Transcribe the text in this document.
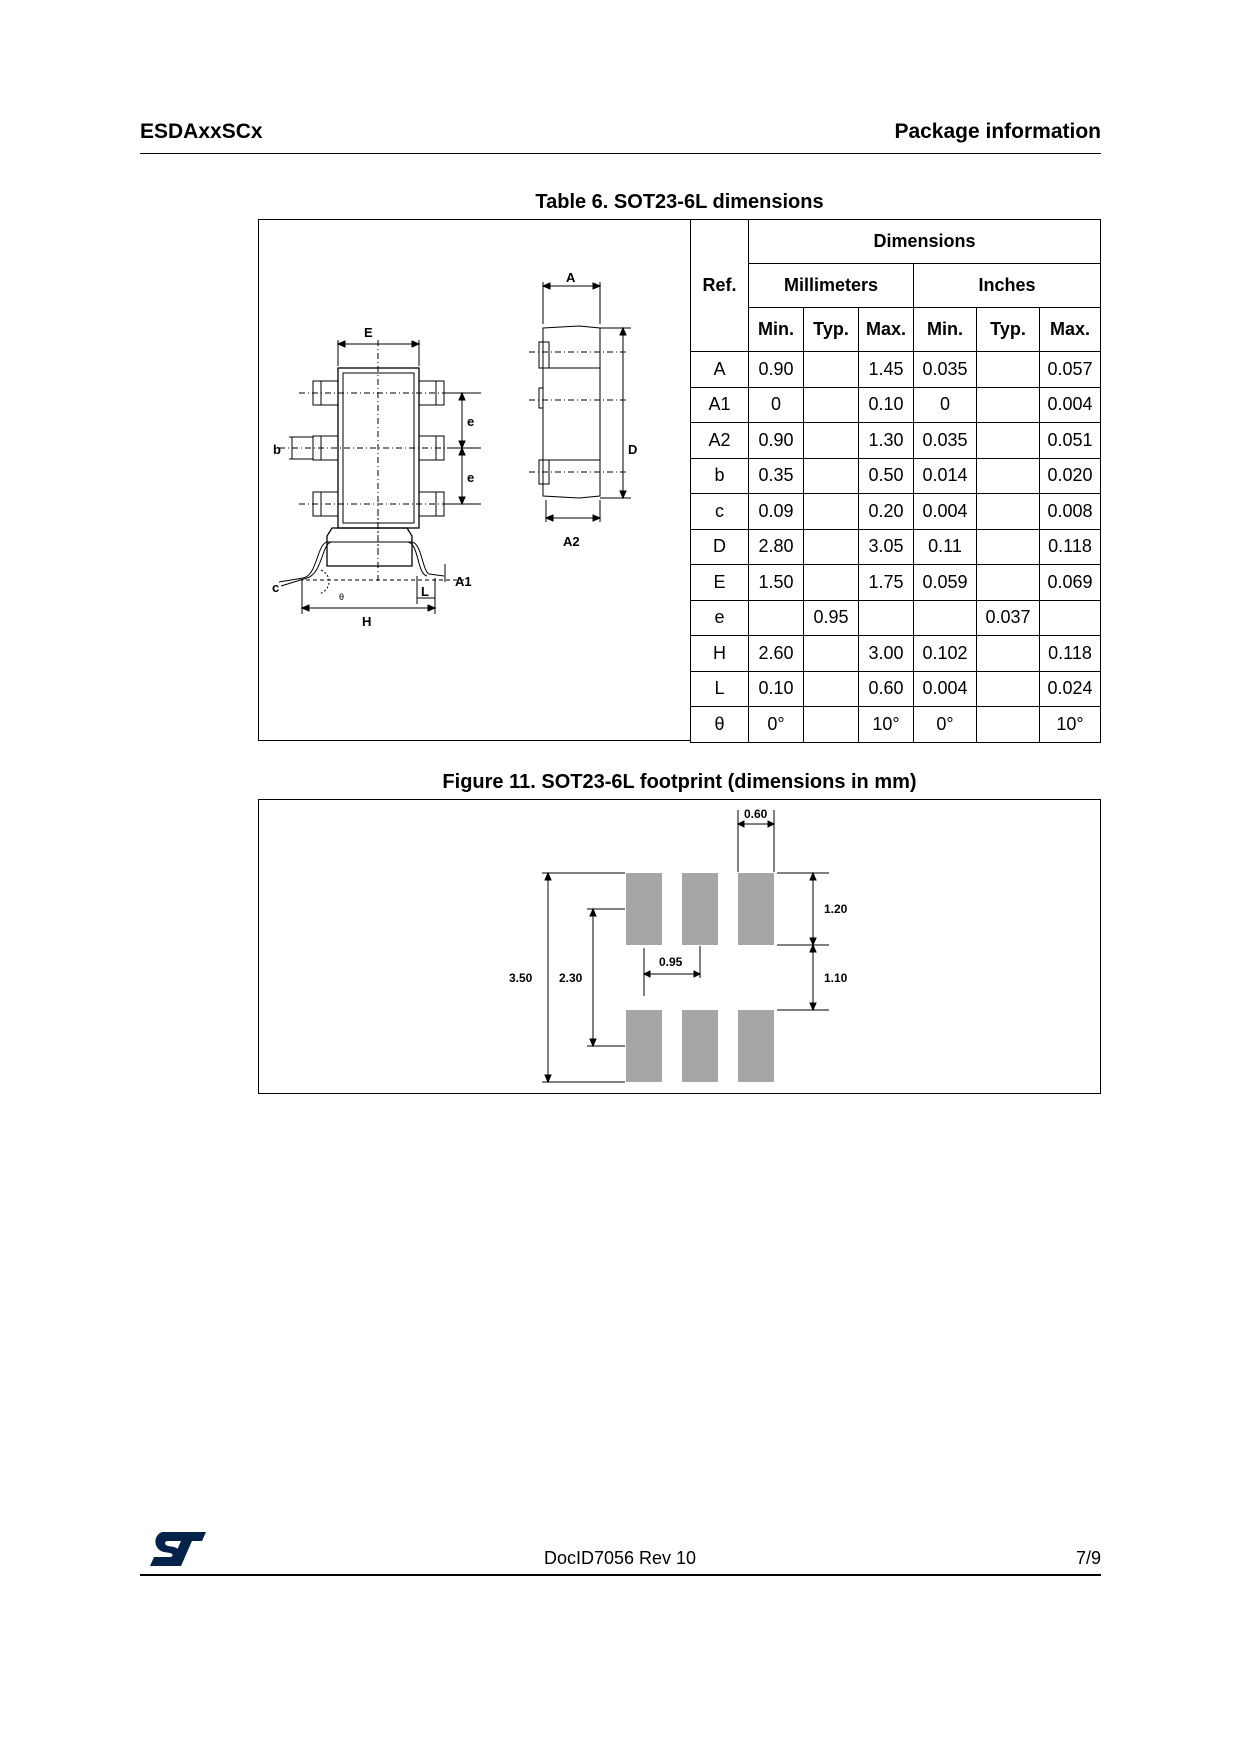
ESDAxxSCx	Package information
Table 6. SOT23-6L dimensions
E
A
e
e
b	D
A2
c	L
A1
H
θ
Ref.	Dimensions					
	Millimeters			Inches		
	Min.	Typ.	Max.	Min.	Typ.	Max.
A	0.90		1.45	0.035		0.057
A1	0		0.10	0		0.004
A2	0.90		1.30	0.035		0.051
b	0.35		0.50	0.014		0.020
c	0.09		0.20	0.004		0.008
D	2.80		3.05	0.11		0.118
E	1.50		1.75	0.059		0.069
e		0.95			0.037	
H	2.60		3.00	0.102		0.118
L	0.10		0.60	0.004		0.024
θ	0°		10°	0°		10°
Figure 11. SOT23-6L footprint (dimensions in mm)
0.60
1.20
1.10
0.95
2.30
3.50
DocID7056 Rev 10	7/9
